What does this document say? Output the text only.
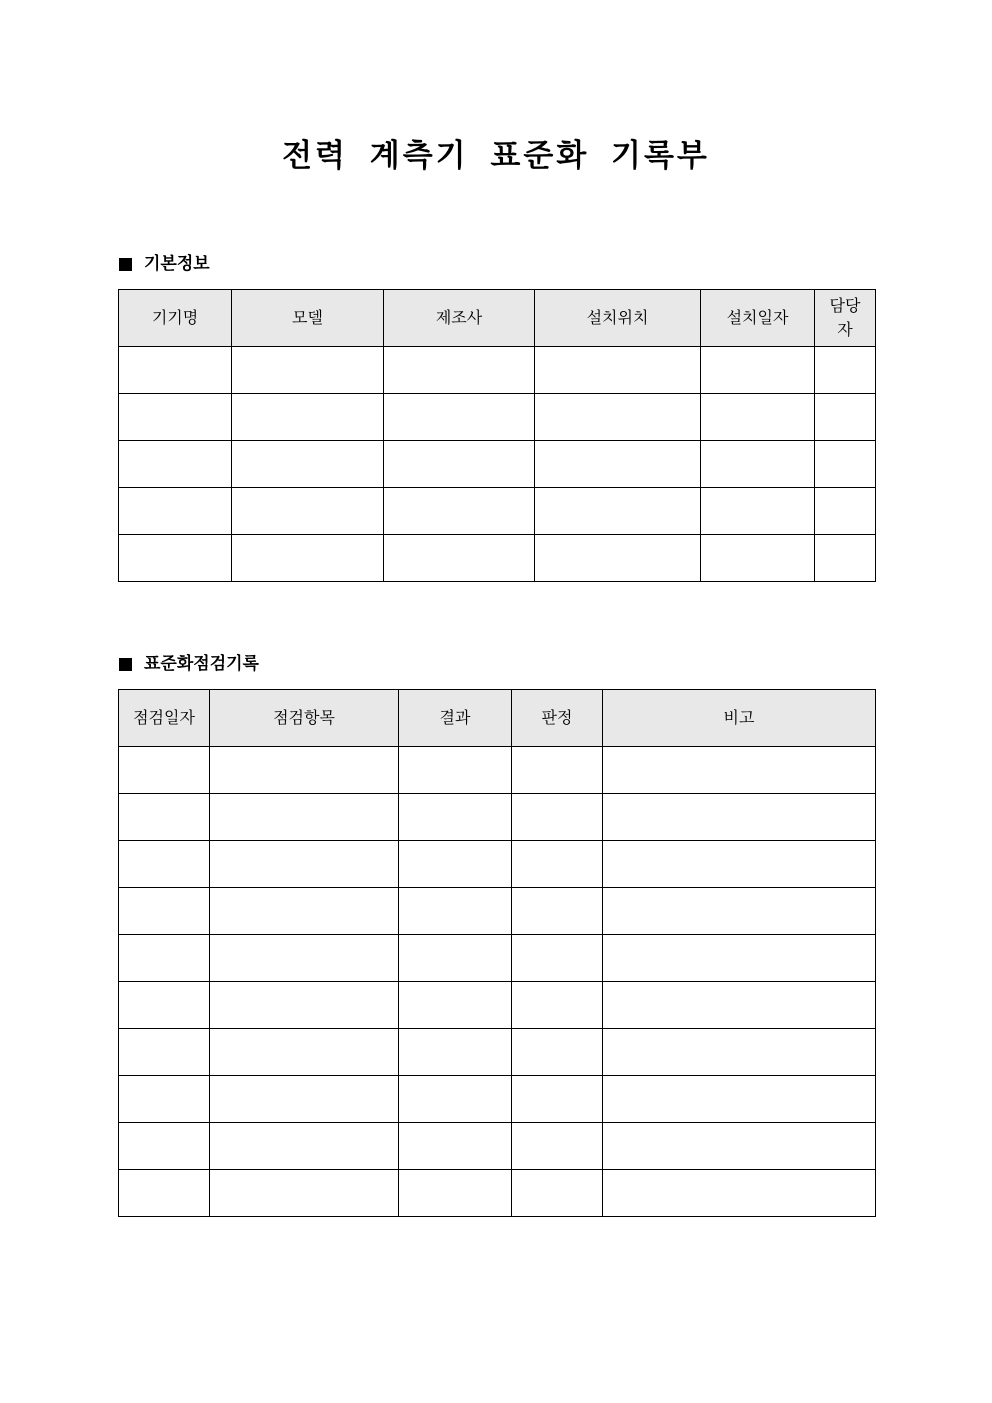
전력 계측기 표준화 기록부
기본정보
기기명	모델	제조사	설치위치	설치일자	담당자

표준화점검기록
점검일자	점검항목	결과	판정	비고
